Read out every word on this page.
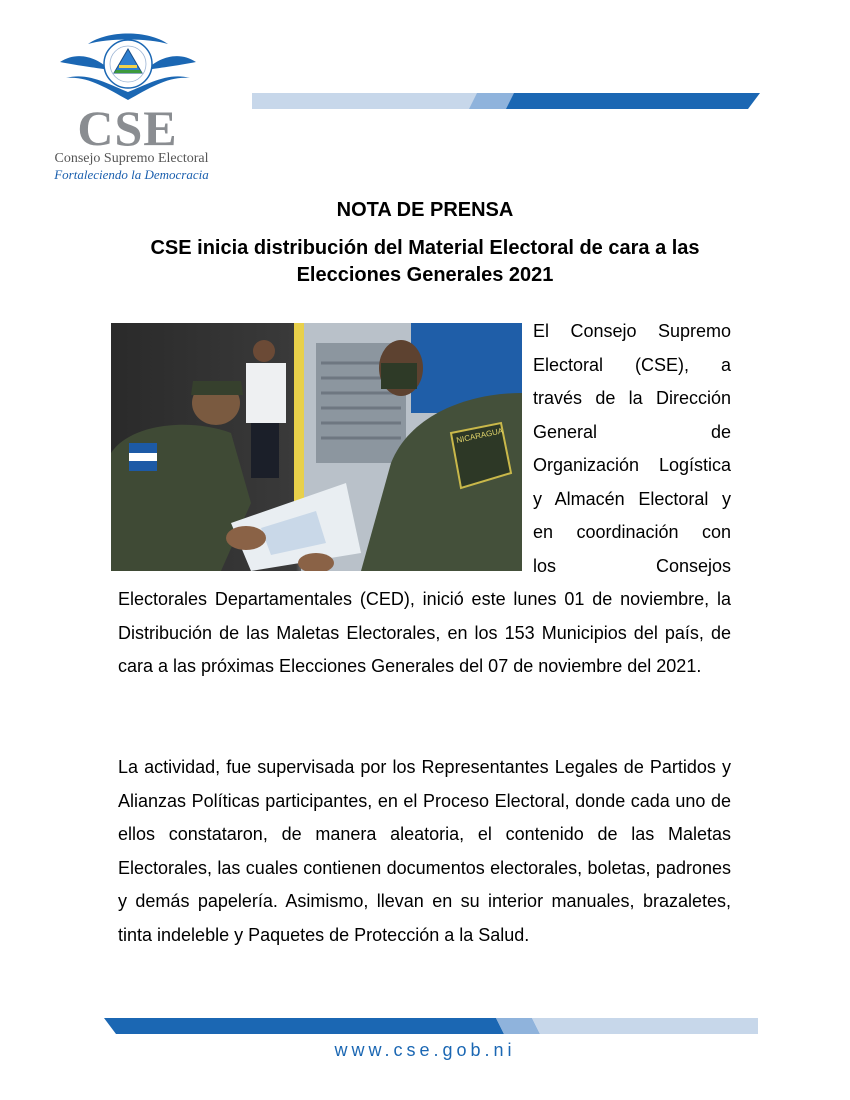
CSE
Consejo Supremo Electoral
Fortaleciendo la Democracia
NOTA DE PRENSA
CSE inicia distribución del Material Electoral de cara a las
Elecciones Generales 2021
NICARAGUA
El Consejo Supremo
Electoral (CSE), a
través de la Dirección
General de
Organización Logística
y Almacén Electoral y
en coordinación con
los Consejos
Electorales Departamentales (CED), inició este lunes 01 de noviembre, la Distribución de las Maletas Electorales, en los 153 Municipios del país, de cara a las próximas Elecciones Generales del 07 de noviembre del 2021.
La actividad, fue supervisada por los Representantes Legales de Partidos y Alianzas Políticas participantes, en el Proceso Electoral, donde cada uno de ellos constataron, de manera aleatoria, el contenido de las Maletas Electorales, las cuales contienen documentos electorales, boletas, padrones y demás papelería. Asimismo, llevan en su interior manuales, brazaletes, tinta indeleble y Paquetes de Protección a la Salud.
www.cse.gob.ni
